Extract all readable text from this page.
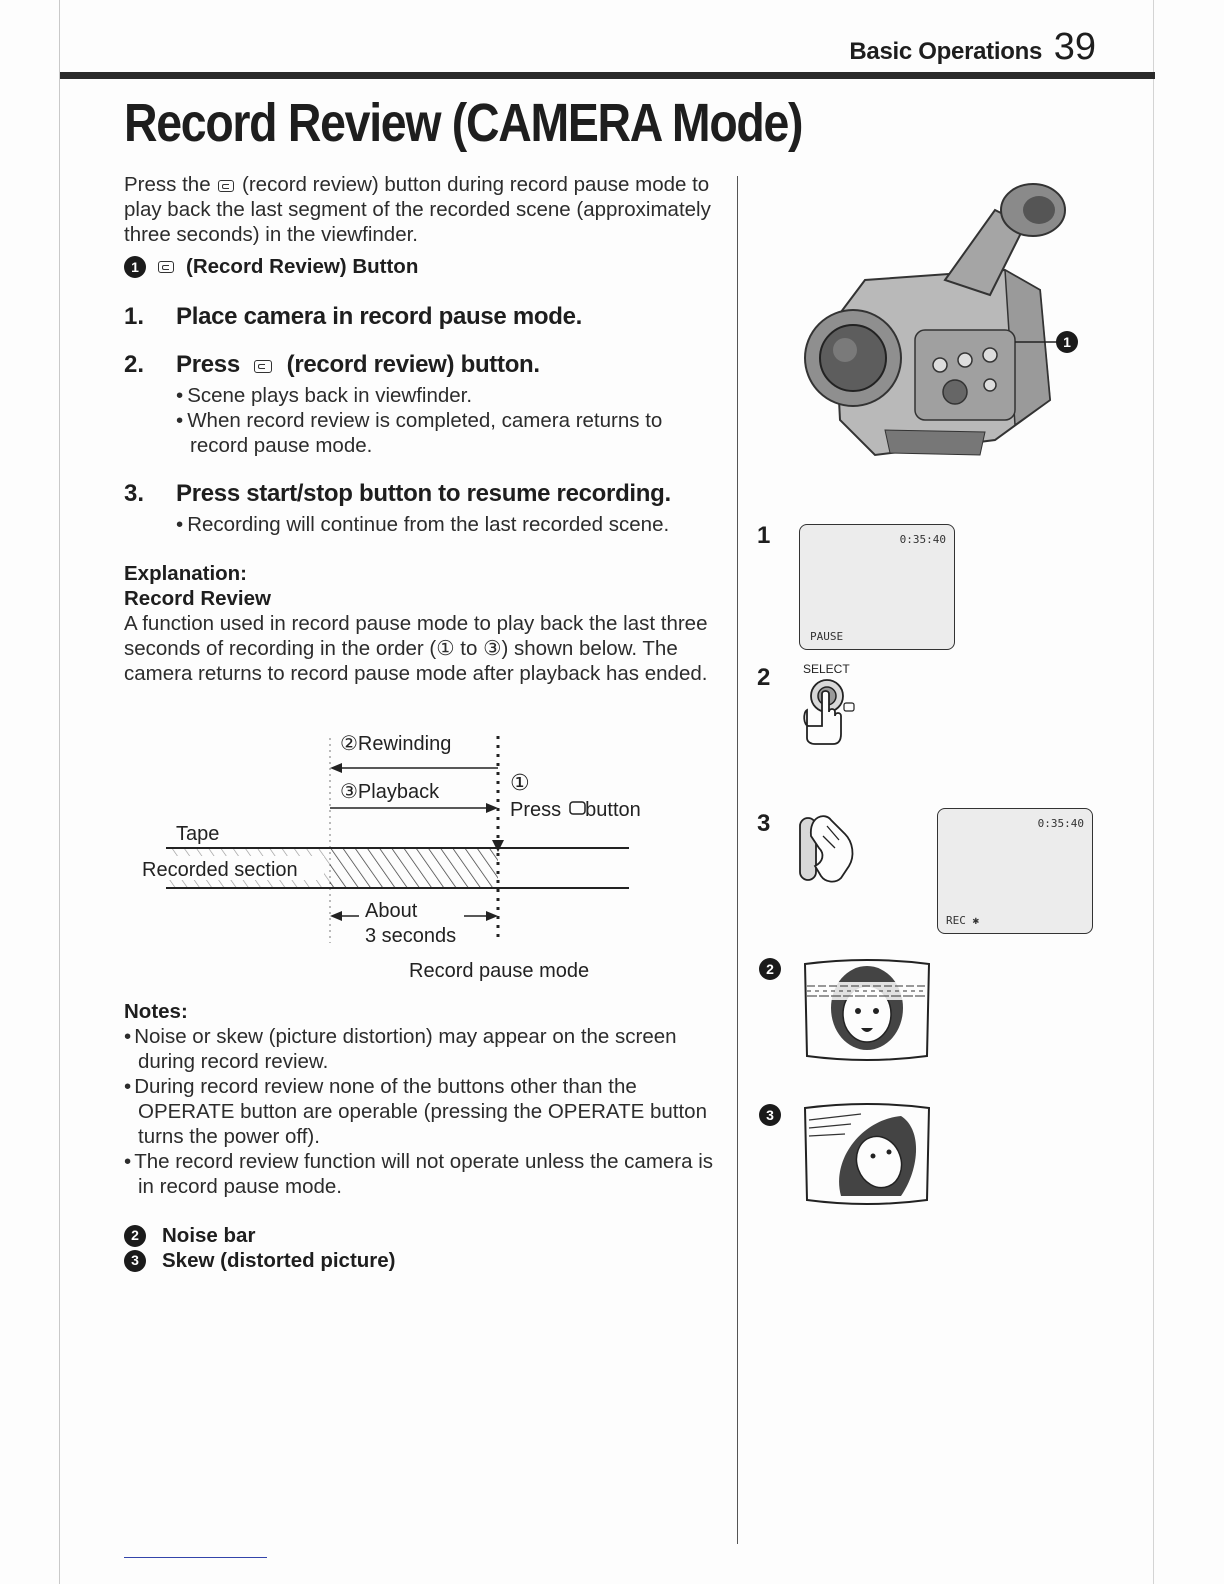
Basic Operations 39
Record Review (CAMERA Mode)

Press the (record review) button during record pause mode to play back the last segment of the recorded scene (approximately three seconds) in the viewfinder.

1	(Record Review) Button
1.	Place camera in record pause mode.
2.	Press (record review) button.
• Scene plays back in viewfinder.
• When record review is completed, camera returns to record pause mode.
3.	Press start/stop button to resume recording.
• Recording will continue from the last recorded scene.

Explanation:

Record Review

A function used in record pause mode to play back the last three seconds of recording in the order (① to ③) shown below. The camera returns to record pause mode after playback has ended.

②Rewinding
③Playback	①
Press     button
Tape
Recorded section
About
3 seconds
Record pause mode

Notes:

• Noise or skew (picture distortion) may appear on the screen during record review.
• During record review none of the buttons other than the OPERATE button are operable (pressing the OPERATE button turns the power off).
• The record review function will not operate unless the camera is in record pause mode.
2	Noise bar
3	Skew (distorted picture)
1
1	0:35:40
PAUSE
2	SELECT
3	0:35:40
REC ✱
2
3
